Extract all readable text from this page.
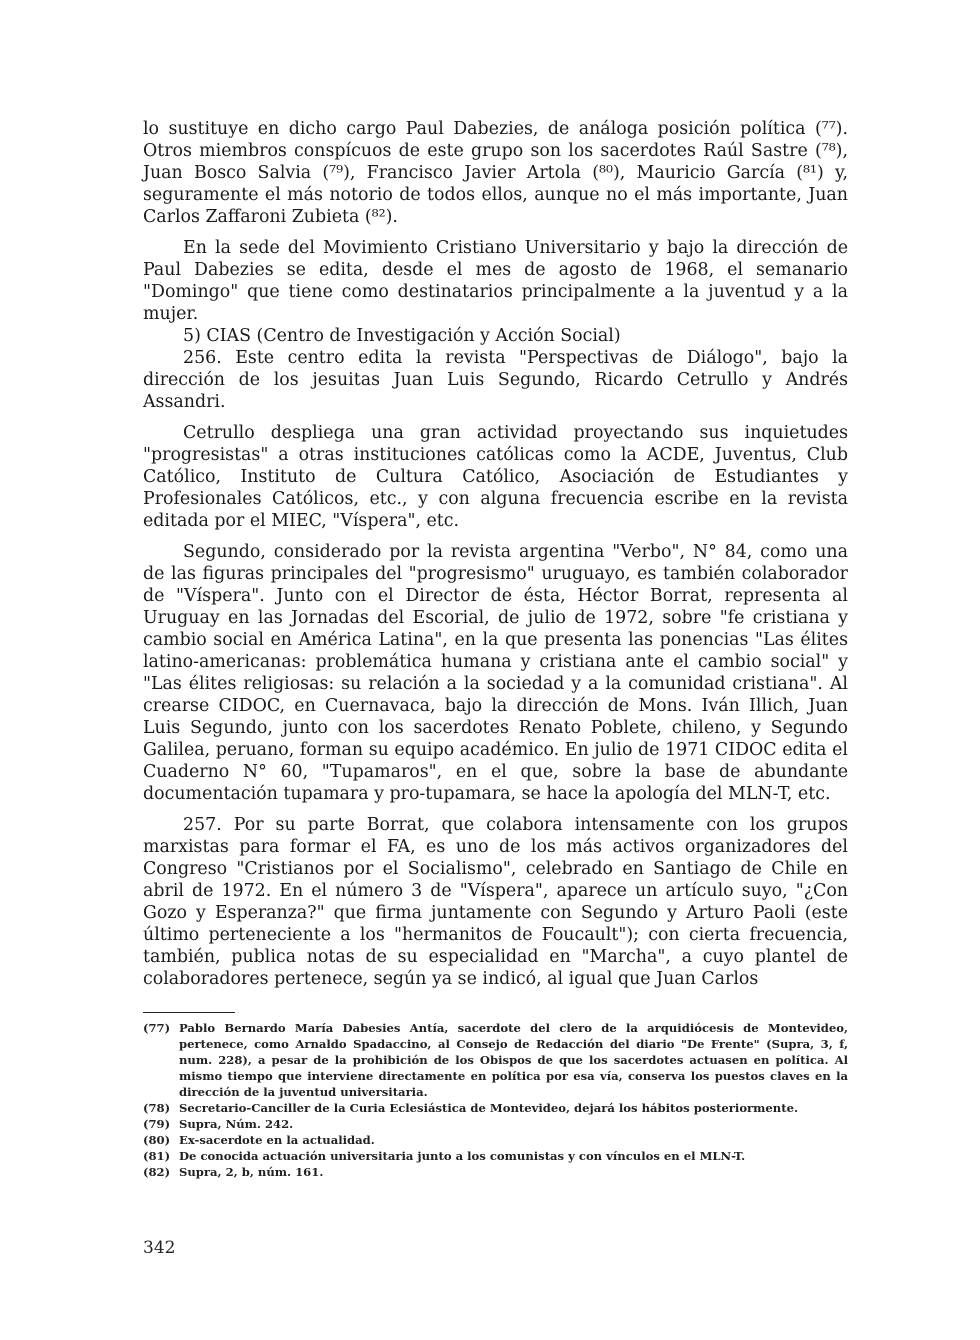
lo sustituye en dicho cargo Paul Dabezies, de análoga posición política (⁷⁷). Otros miembros conspícuos de este grupo son los sacerdotes Raúl Sastre (⁷⁸), Juan Bosco Salvia (⁷⁹), Francisco Javier Artola (⁸⁰), Mauricio García (⁸¹) y, seguramente el más notorio de todos ellos, aunque no el más importante, Juan Carlos Zaffaroni Zubieta (⁸²).

En la sede del Movimiento Cristiano Universitario y bajo la dirección de Paul Dabezies se edita, desde el mes de agosto de 1968, el semanario "Domingo" que tiene como destinatarios principalmente a la juventud y a la mujer.

5) CIAS (Centro de Investigación y Acción Social)

256. Este centro edita la revista "Perspectivas de Diálogo", bajo la dirección de los jesuitas Juan Luis Segundo, Ricardo Cetrullo y Andrés Assandri.

Cetrullo despliega una gran actividad proyectando sus inquietudes "progresistas" a otras instituciones católicas como la ACDE, Juventus, Club Católico, Instituto de Cultura Católico, Asociación de Estudiantes y Profesionales Católicos, etc., y con alguna frecuencia escribe en la revista editada por el MIEC, "Víspera", etc.

Segundo, considerado por la revista argentina "Verbo", N° 84, como una de las figuras principales del "progresismo" uruguayo, es también colaborador de "Víspera". Junto con el Director de ésta, Héctor Borrat, representa al Uruguay en las Jornadas del Escorial, de julio de 1972, sobre "fe cristiana y cambio social en América Latina", en la que presenta las ponencias "Las élites latino-americanas: problemática humana y cristiana ante el cambio social" y "Las élites religiosas: su relación a la sociedad y a la comunidad cristiana". Al crearse CIDOC, en Cuernavaca, bajo la dirección de Mons. Iván Illich, Juan Luis Segundo, junto con los sacerdotes Renato Poblete, chileno, y Segundo Galilea, peruano, forman su equipo académico. En julio de 1971 CIDOC edita el Cuaderno N° 60, "Tupamaros", en el que, sobre la base de abundante documentación tupamara y pro-tupamara, se hace la apología del MLN-T, etc.

257. Por su parte Borrat, que colabora intensamente con los grupos marxistas para formar el FA, es uno de los más activos organizadores del Congreso "Cristianos por el Socialismo", celebrado en Santiago de Chile en abril de 1972. En el número 3 de "Víspera", aparece un artículo suyo, "¿Con Gozo y Esperanza?" que firma juntamente con Segundo y Arturo Paoli (este último perteneciente a los "hermanitos de Foucault"); con cierta frecuencia, también, publica notas de su especialidad en "Marcha", a cuyo plantel de colaboradores pertenece, según ya se indicó, al igual que Juan Carlos

(77) Pablo Bernardo María Dabesies Antía, sacerdote del clero de la arquidiócesis de Montevideo, pertenece, como Arnaldo Spadaccino, al Consejo de Redacción del diario "De Frente" (Supra, 3, f, num. 228), a pesar de la prohibición de los Obispos de que los sacerdotes actuasen en política. Al mismo tiempo que interviene directamente en política por esa vía, conserva los puestos claves en la dirección de la juventud universitaria.
(78) Secretario-Canciller de la Curia Eclesiástica de Montevideo, dejará los hábitos posteriormente.
(79) Supra, Núm. 242.
(80) Ex-sacerdote en la actualidad.
(81) De conocida actuación universitaria junto a los comunistas y con vínculos en el MLN-T.
(82) Supra, 2, b, núm. 161.
342
